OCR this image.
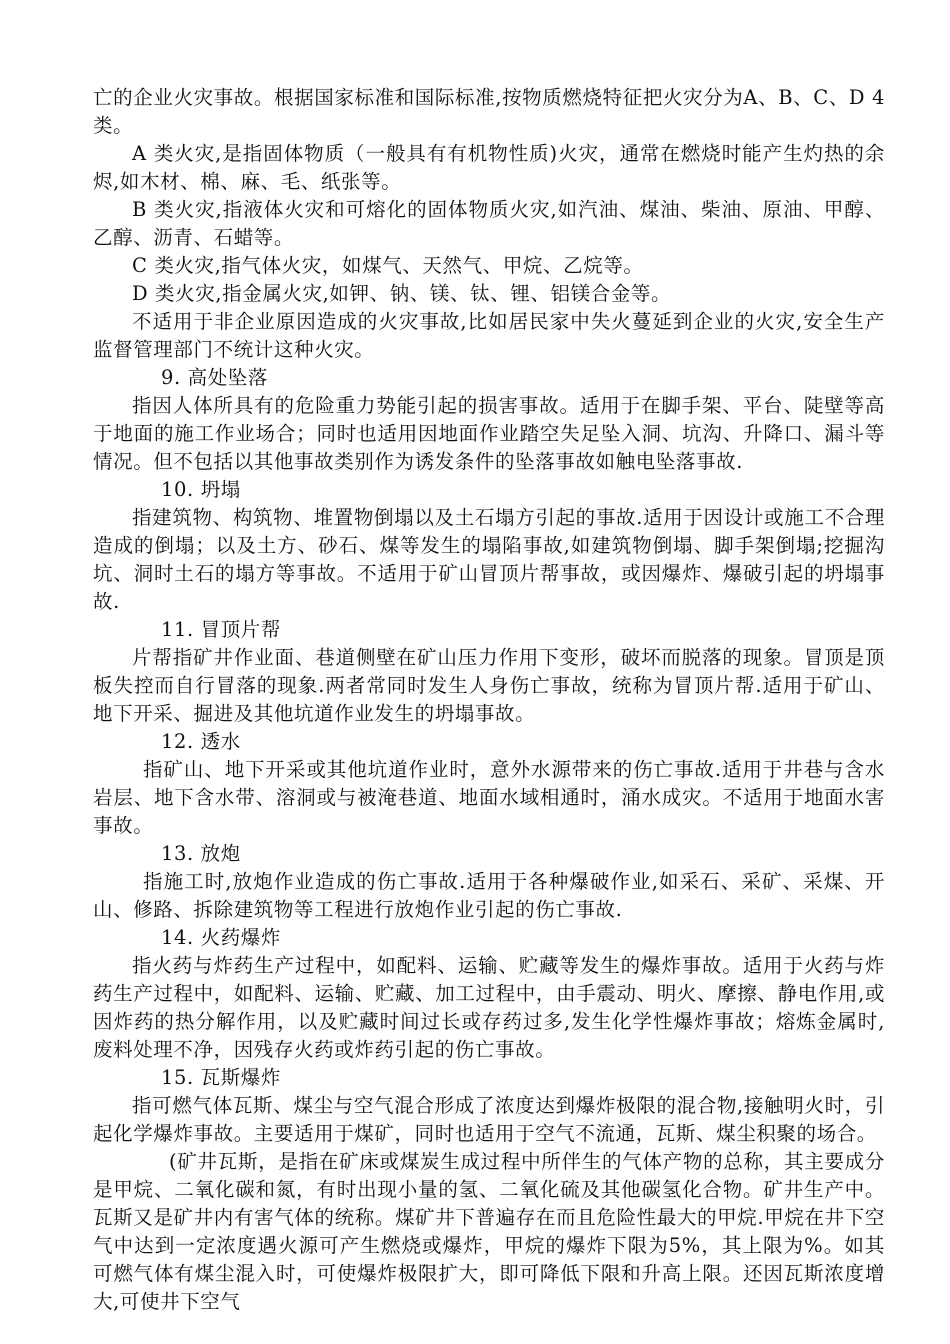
亡的企业火灾事故。根据国家标准和国际标准,按物质燃烧特征把火灾分为A、B、C、D 4类。

A 类火灾,是指固体物质（一般具有有机物性质)火灾，通常在燃烧时能产生灼热的余烬,如木材、棉、麻、毛、纸张等。

B 类火灾,指液体火灾和可熔化的固体物质火灾,如汽油、煤油、柴油、原油、甲醇、乙醇、沥青、石蜡等。

C 类火灾,指气体火灾，如煤气、天然气、甲烷、乙烷等。

D 类火灾,指金属火灾,如钾、钠、镁、钛、锂、铝镁合金等。

不适用于非企业原因造成的火灾事故,比如居民家中失火蔓延到企业的火灾,安全生产监督管理部门不统计这种火灾。

9. 高处坠落

指因人体所具有的危险重力势能引起的损害事故。适用于在脚手架、平台、陡壁等高于地面的施工作业场合；同时也适用因地面作业踏空失足坠入洞、坑沟、升降口、漏斗等情况。但不包括以其他事故类别作为诱发条件的坠落事故如触电坠落事故.

10. 坍塌

指建筑物、构筑物、堆置物倒塌以及土石塌方引起的事故.适用于因设计或施工不合理造成的倒塌；以及土方、砂石、煤等发生的塌陷事故,如建筑物倒塌、脚手架倒塌;挖掘沟坑、洞时土石的塌方等事故。不适用于矿山冒顶片帮事故，或因爆炸、爆破引起的坍塌事故.

11. 冒顶片帮

片帮指矿井作业面、巷道侧壁在矿山压力作用下变形，破坏而脱落的现象。冒顶是顶板失控而自行冒落的现象.两者常同时发生人身伤亡事故，统称为冒顶片帮.适用于矿山、地下开采、掘进及其他坑道作业发生的坍塌事故。

12. 透水

指矿山、地下开采或其他坑道作业时，意外水源带来的伤亡事故.适用于井巷与含水岩层、地下含水带、溶洞或与被淹巷道、地面水域相通时，涌水成灾。不适用于地面水害事故。

13. 放炮

指施工时,放炮作业造成的伤亡事故.适用于各种爆破作业,如采石、采矿、采煤、开山、修路、拆除建筑物等工程进行放炮作业引起的伤亡事故.

14. 火药爆炸

指火药与炸药生产过程中，如配料、运输、贮藏等发生的爆炸事故。适用于火药与炸药生产过程中，如配料、运输、贮藏、加工过程中，由手震动、明火、摩擦、静电作用,或因炸药的热分解作用，以及贮藏时间过长或存药过多,发生化学性爆炸事故；熔炼金属时,废料处理不净，因残存火药或炸药引起的伤亡事故。

15. 瓦斯爆炸

指可燃气体瓦斯、煤尘与空气混合形成了浓度达到爆炸极限的混合物,接触明火时，引起化学爆炸事故。主要适用于煤矿，同时也适用于空气不流通，瓦斯、煤尘积聚的场合。

(矿井瓦斯，是指在矿床或煤炭生成过程中所伴生的气体产物的总称，其主要成分是甲烷、二氧化碳和氮，有时出现小量的氢、二氧化硫及其他碳氢化合物。矿井生产中。瓦斯又是矿井内有害气体的统称。煤矿井下普遍存在而且危险性最大的甲烷.甲烷在井下空气中达到一定浓度遇火源可产生燃烧或爆炸，甲烷的爆炸下限为5%，其上限为%。如其可燃气体有煤尘混入时，可使爆炸极限扩大，即可降低下限和升高上限。还因瓦斯浓度增大,可使井下空气
